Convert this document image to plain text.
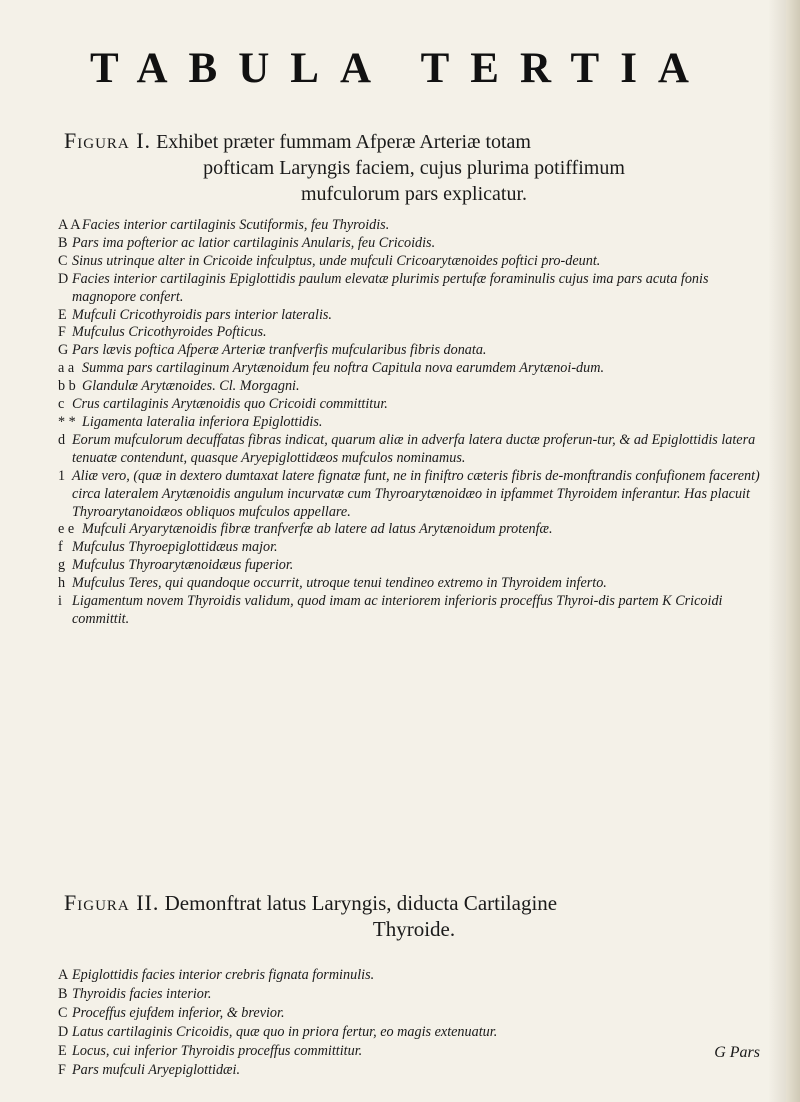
TABULA TERTIA
Figura I. Exhibet præter fummam Afperæ Arteriæ totam
pofticam Laryngis faciem, cujus plurima potiffimum
mufculorum pars explicatur.
A A Facies interior cartilaginis Scutiformis, feu Thyroidis.
B Pars ima pofterior ac latior cartilaginis Anularis, feu Cricoidis.
C Sinus utrinque alter in Cricoide infculptus, unde mufculi Cricoarytænoides poftici pro-deunt.
D Facies interior cartilaginis Epiglottidis paulum elevatæ plurimis pertufæ foraminulis cujus ima pars acuta fonis magnopore confert.
E Mufculi Cricothyroidis pars interior lateralis.
F Mufculus Cricothyroides Pofticus.
G Pars lævis poftica Afperæ Arteriæ tranfverfis mufcularibus fibris donata.
a a Summa pars cartilaginum Arytænoidum feu noftra Capitula nova earumdem Arytænoi-dum.
b b Glandulæ Arytænoides. Cl. Morgagni.
c Crus cartilaginis Arytænoidis quo Cricoidi committitur.
* * Ligamenta lateralia inferiora Epiglottidis.
d Eorum mufculorum decuffatas fibras indicat, quarum aliæ in adverfa latera ductæ proferun-tur, & ad Epiglottidis latera tenuatæ contendunt, quasque Aryepiglottidæos mufculos nominamus.
1 Aliæ vero, (quæ in dextero dumtaxat latere fignatæ funt, ne in finiftro cæteris fibris de-monftrandis confufionem facerent) circa lateralem Arytænoidis angulum incurvatæ cum Thyroarytænoidæo in ipfammet Thyroidem inferantur. Has placuit Thyroarytanoidæos obliquos mufculos appellare.
e e Mufculi Aryarytænoidis fibræ tranfverfæ ab latere ad latus Arytænoidum protenfæ.
f Mufculus Thyroepiglottidæus major.
g Mufculus Thyroarytænoidæus fuperior.
h Mufculus Teres, qui quandoque occurrit, utroque tenui tendineo extremo in Thyroidem inferto.
i Ligamentum novem Thyroidis validum, quod imam ac interiorem inferioris proceffus Thyroi-dis partem K Cricoidi committit.
Figura II. Demonftrat latus Laryngis, diducta Cartilagine
Thyroide.
A Epiglottidis facies interior crebris fignata forminulis.
B Thyroidis facies interior.
C Proceffus ejufdem inferior, & brevior.
D Latus cartilaginis Cricoidis, quæ quo in priora fertur, eo magis extenuatur.
E Locus, cui inferior Thyroidis proceffus committitur.
F Pars mufculi Aryepiglottidæi.
G Pars
